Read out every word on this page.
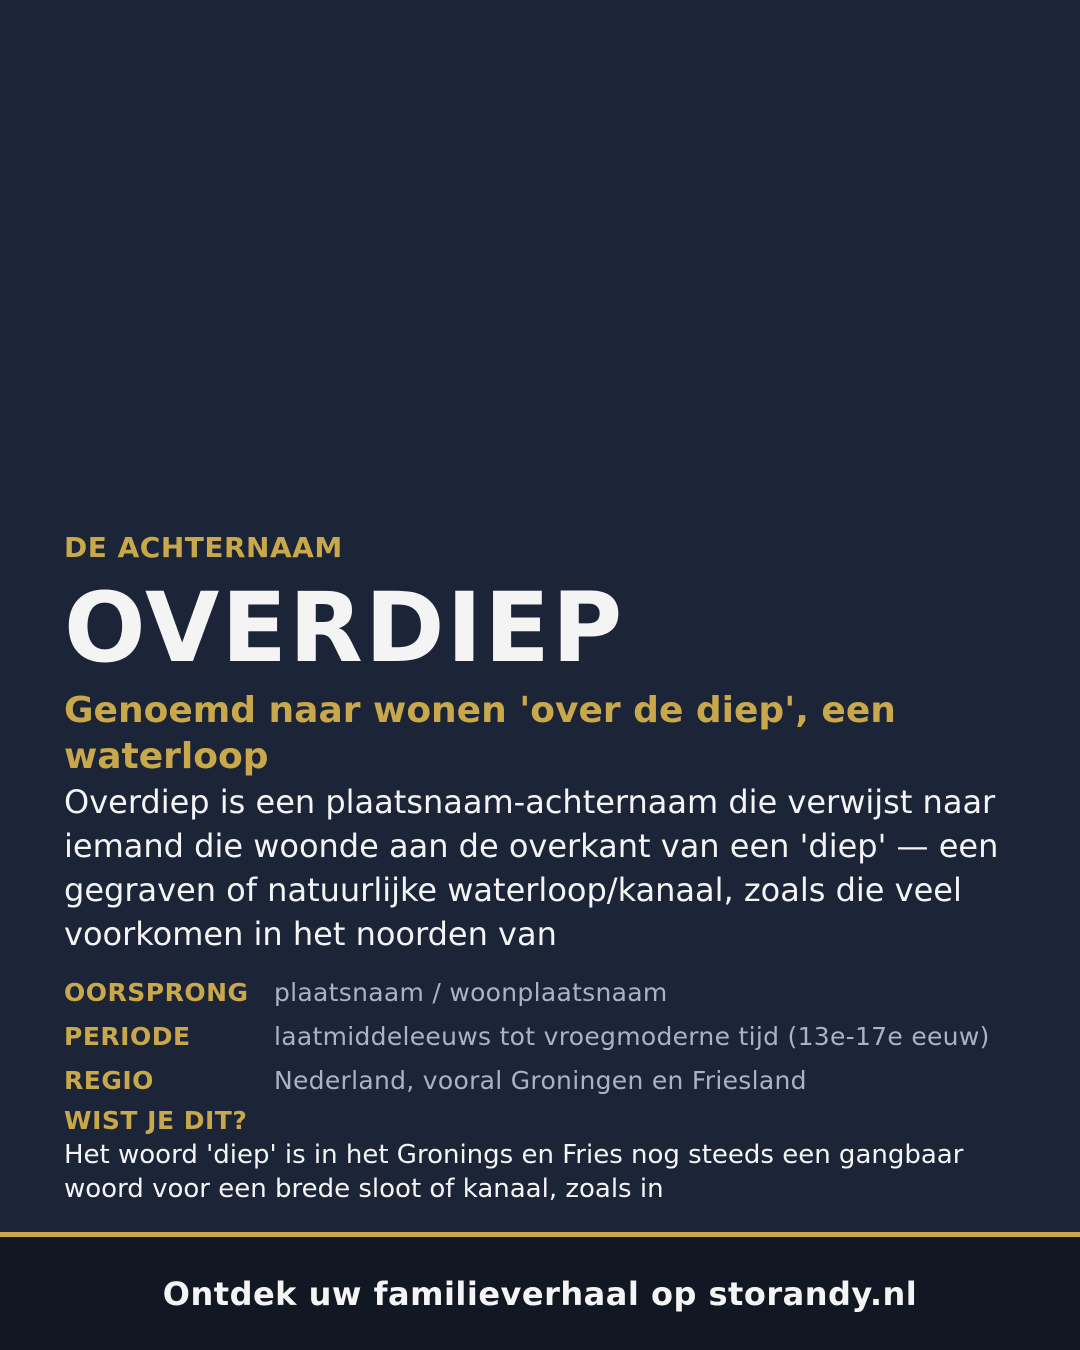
DE ACHTERNAAM
OVERDIEP
Genoemd naar wonen 'over de diep', een waterloop
Overdiep is een plaatsnaam-achternaam die verwijst naar iemand die woonde aan de overkant van een 'diep' — een gegraven of natuurlijke waterloop/kanaal, zoals die veel voorkomen in het noorden van
OORSPRONG	plaatsnaam / woonplaatsnaam
PERIODE	laatmiddeleeuws tot vroegmoderne tijd (13e-17e eeuw)
REGIO	Nederland, vooral Groningen en Friesland
WIST JE DIT?
Het woord 'diep' is in het Gronings en Fries nog steeds een gangbaar woord voor een brede sloot of kanaal, zoals in
Ontdek uw familieverhaal op storandy.nl
